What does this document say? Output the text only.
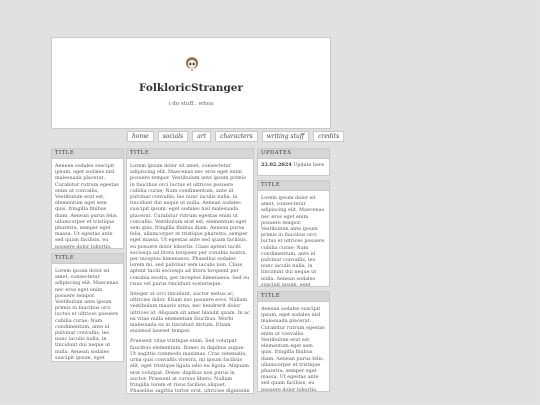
FolkloricStranger
i do stuff.. whoa
home	socials	art	characters	writing stuff	credits
TITLE

Aenean sodales suscipit ipsum, eget sodales nisl malesuada placerat. Curabitur rutrum egestas enim ut convallis. Vestibulum erat est, elementum eget sem quis, fringilla finibus diam. Aenean purus felis, ullamcorper et tristique pharetra, semper eget massa. Ut egestas ante sed quam facilisis, eu posuere dolor lobortis.

TITLE

Lorem ipsum dolor sit amet, consectetur adipiscing elit. Maecenas nec eros eget enim posuere tempor. Vestibulum ante ipsum primis in faucibus orci luctus et ultrices posuere cubilia curae; Nam condimentum, ante id pulvinar convallis, leo nunc iaculis nulla, in tincidunt dui neque ut nulla. Aenean sodales suscipit ipsum, eget

TITLE

Lorem ipsum dolor sit amet, consectetur adipiscing elit. Maecenas nec eros eget enim posuere tempor. Vestibulum ante ipsum primis in faucibus orci luctus et ultrices posuere cubilia curae; Nam condimentum, ante id pulvinar convallis, leo nunc iaculis nulla, in tincidunt dui neque ut nulla. Aenean sodales suscipit ipsum, eget sodales nisl malesuada placerat. Curabitur rutrum egestas enim ut convallis. Vestibulum erat est, elementum eget sem quis, fringilla finibus diam. Aenean purus felis, ullamcorper et tristique pharetra, semper eget massa. Ut egestas ante sed quam facilisis, eu posuere dolor lobortis. Class aptent taciti sociosqu ad litora torquent per conubia nostra, per inceptos himenaeos. Phasellus sodales lorem mi, sed pulvinar sem iaculis non. Class aptent taciti sociosqu ad litora torquent per conubia nostra, per inceptos himenaeos. Sed eu risus vel purus tincidunt scelerisque.

Integer at orci tincidunt, auctor metus ac, ultricies dolor. Etiam nec posuere eros. Nullam vestibulum mauris urna, nec hendrerit dolor ultrices id. Aliquam sit amet blandit quam. In ac ex vitae nulla elementum faucibus. Morbi malesuada ex in tincidunt dictum. Etiam euismod laoreet tempor.

Praesent vitae tristique enim. Sed volutpat faucibus elementum. Donec in dapibus augue. Ut sagittis commodo maximus. Cras venenatis, urna quis convallis viverra, mi ipsum facilisis elit, eget tristique ligula odio eu ligula. Aliquam erat volutpat. Donec dapibus non purus in auctor. Praesent at cursus libero. Nullam fringilla lorem et risus facilisis aliquet. Phasellus sagittis tortor erat, ultricies dignissim

UPDATES
22.02.2024 Update here
TITLE

Lorem ipsum dolor sit amet, consectetur adipiscing elit. Maecenas nec eros eget enim posuere tempor. Vestibulum ante ipsum primis in faucibus orci luctus et ultrices posuere cubilia curae; Nam condimentum, ante id pulvinar convallis, leo nunc iaculis nulla, in tincidunt dui neque ut nulla. Aenean sodales suscipit ipsum, eget

TITLE

Aenean sodales suscipit ipsum, eget sodales nisl malesuada placerat. Curabitur rutrum egestas enim ut convallis. Vestibulum erat est, elementum eget sem quis, fringilla finibus diam. Aenean purus felis, ullamcorper et tristique pharetra, semper eget massa. Ut egestas ante sed quam facilisis, eu posuere dolor lobortis.
